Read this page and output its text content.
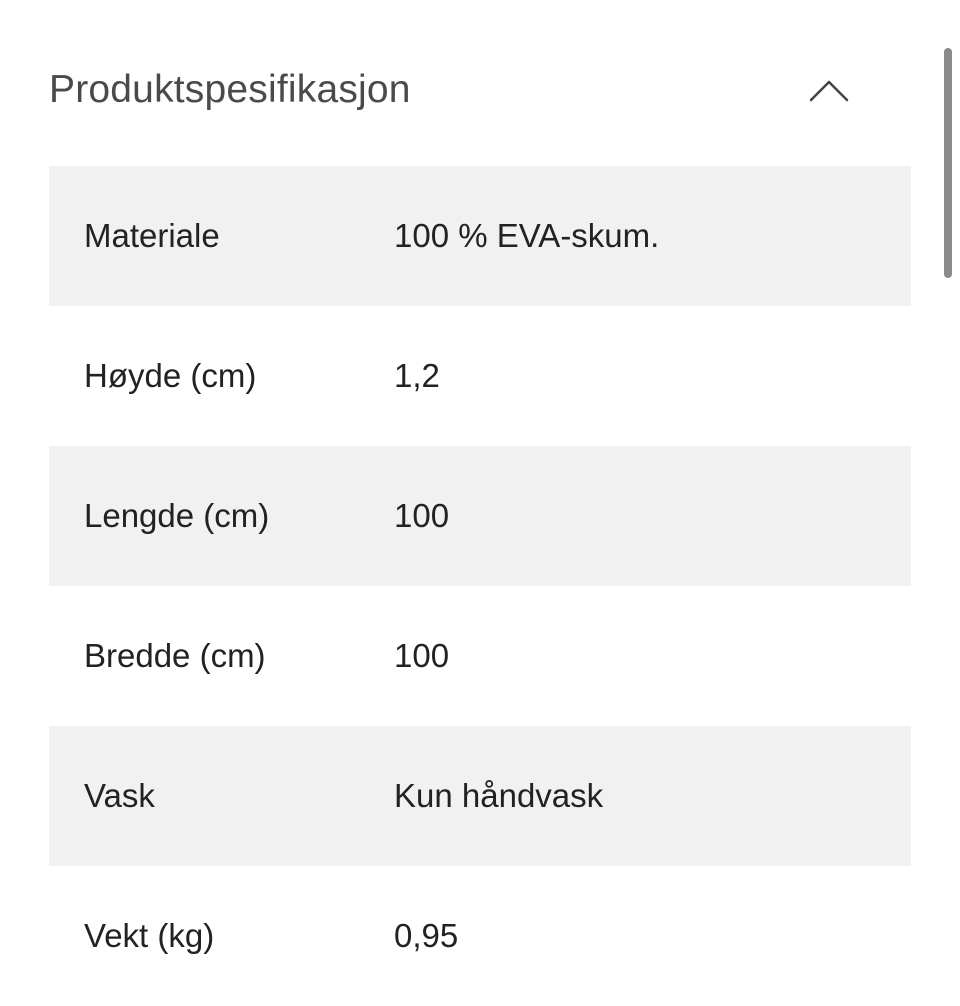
Produktspesifikasjon
Materiale	100 % EVA-skum.
Høyde (cm)	1,2
Lengde (cm)	100
Bredde (cm)	100
Vask	Kun håndvask
Vekt (kg)	0,95
